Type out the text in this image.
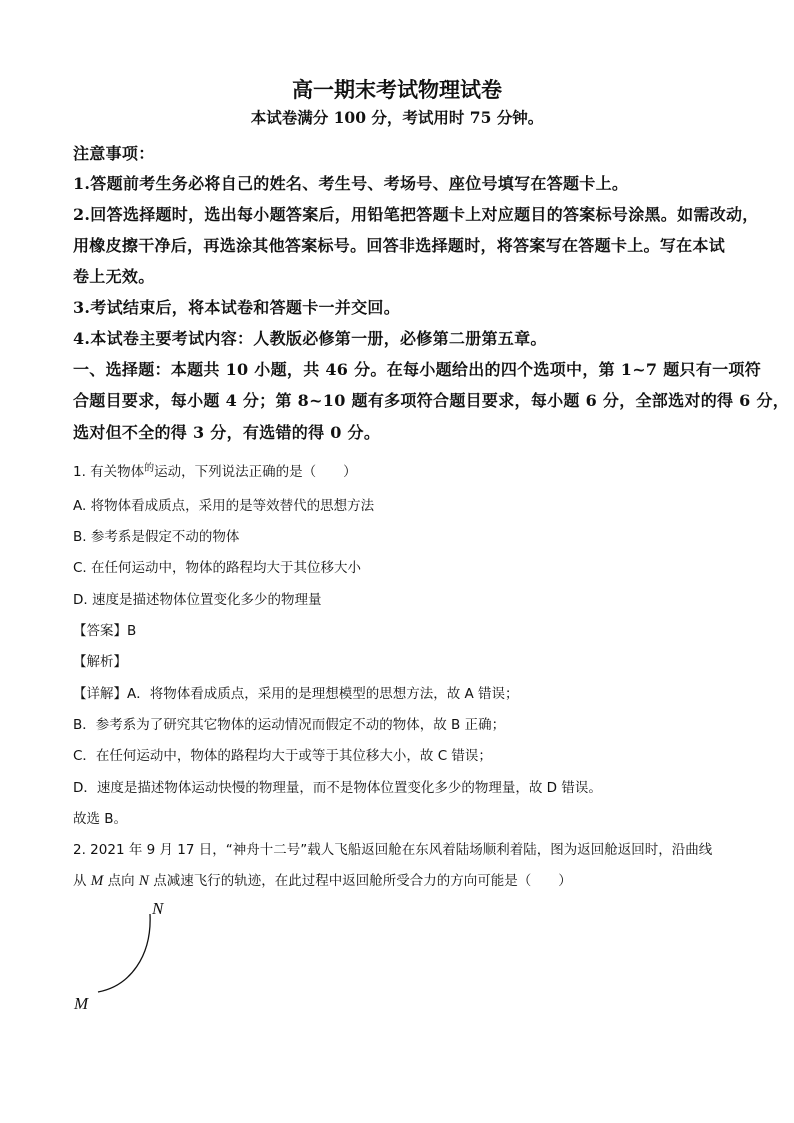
高一期末考试物理试卷
本试卷满分 100 分，考试用时 75 分钟。
注意事项：
1.答题前考生务必将自己的姓名、考生号、考场号、座位号填写在答题卡上。
2.回答选择题时，选出每小题答案后，用铅笔把答题卡上对应题目的答案标号涂黑。如需改动，
用橡皮擦干净后，再选涂其他答案标号。回答非选择题时，将答案写在答题卡上。写在本试
卷上无效。
3.考试结束后，将本试卷和答题卡一并交回。
4.本试卷主要考试内容：人教版必修第一册，必修第二册第五章。
一、选择题：本题共 10 小题，共 46 分。在每小题给出的四个选项中，第 1~7 题只有一项符
合题目要求，每小题 4 分；第 8~10 题有多项符合题目要求，每小题 6 分，全部选对的得 6 分，
选对但不全的得 3 分，有选错的得 0 分。
1. 有关物体$^的$运动，下列说法正确的是（　　）
A. 将物体看成质点，采用的是等效替代的思想方法
B. 参考系是假定不动的物体
C. 在任何运动中，物体的路程均大于其位移大小
D. 速度是描述物体位置变化多少的物理量
【答案】B
【解析】
【详解】A．将物体看成质点，采用的是理想模型的思想方法，故 A 错误；
B．参考系为了研究其它物体的运动情况而假定不动的物体，故 B 正确；
C．在任何运动中，物体的路程均大于或等于其位移大小，故 C 错误；
D．速度是描述物体运动快慢的物理量，而不是物体位置变化多少的物理量，故 D 错误。
故选 B。
2. 2021 年 9 月 17 日，“神舟十二号”载人飞船返回舱在东风着陆场顺利着陆，图为返回舱返回时，沿曲线
从 M 点向 N 点减速飞行的轨迹，在此过程中返回舱所受合力的方向可能是（　　）
N
M
